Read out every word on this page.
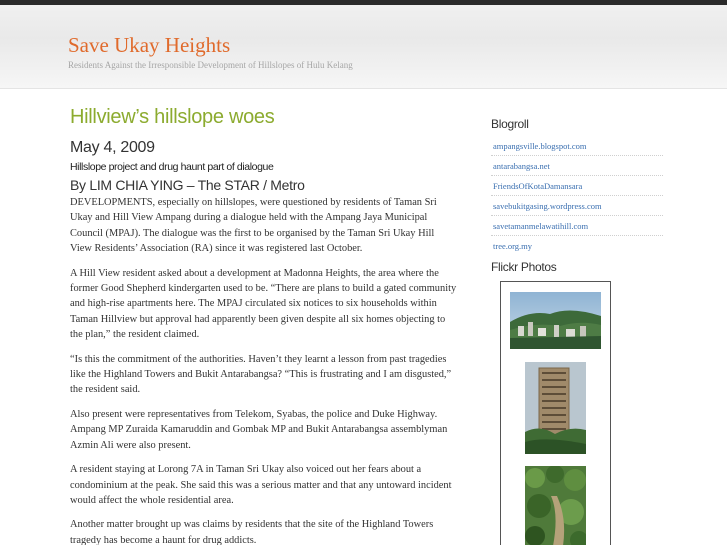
Save Ukay Heights
Residents Against the Irresponsible Development of Hillslopes of Hulu Kelang
Hillview’s hillslope woes
May 4, 2009
Hillslope project and drug haunt part of dialogue
By LIM CHIA YING – The STAR / Metro

DEVELOPMENTS, especially on hillslopes, were questioned by residents of Taman Sri Ukay and Hill View Ampang during a dialogue held with the Ampang Jaya Municipal Council (MPAJ). The dialogue was the first to be organised by the Taman Sri Ukay Hill View Residents’ Association (RA) since it was registered last October.

A Hill View resident asked about a development at Madonna Heights, the area where the former Good Shepherd kindergarten used to be. “There are plans to build a gated community and high-rise apartments here. The MPAJ circulated six notices to six households within Taman Hillview but approval had apparently been given despite all six homes objecting to the plan,” the resident claimed.

“Is this the commitment of the authorities. Haven’t they learnt a lesson from past tragedies like the Highland Towers and Bukit Antarabangsa? “This is frustrating and I am disgusted,” the resident said.

Also present were representatives from Telekom, Syabas, the police and Duke Highway. Ampang MP Zuraida Kamaruddin and Gombak MP and Bukit Antarabangsa assemblyman Azmin Ali were also present.

A resident staying at Lorong 7A in Taman Sri Ukay also voiced out her fears about a condominium at the peak. She said this was a serious matter and that any untoward incident would affect the whole residential area.

Another matter brought up was claims by residents that the site of the Highland Towers tragedy has become a haunt for drug addicts.

Blogroll
ampangsville.blogspot.com
antarabangsa.net
FriendsOfKotaDamansara
savebukitgasing.wordpress.com
savetamanmelawatihill.com
tree.org.my
Flickr Photos
